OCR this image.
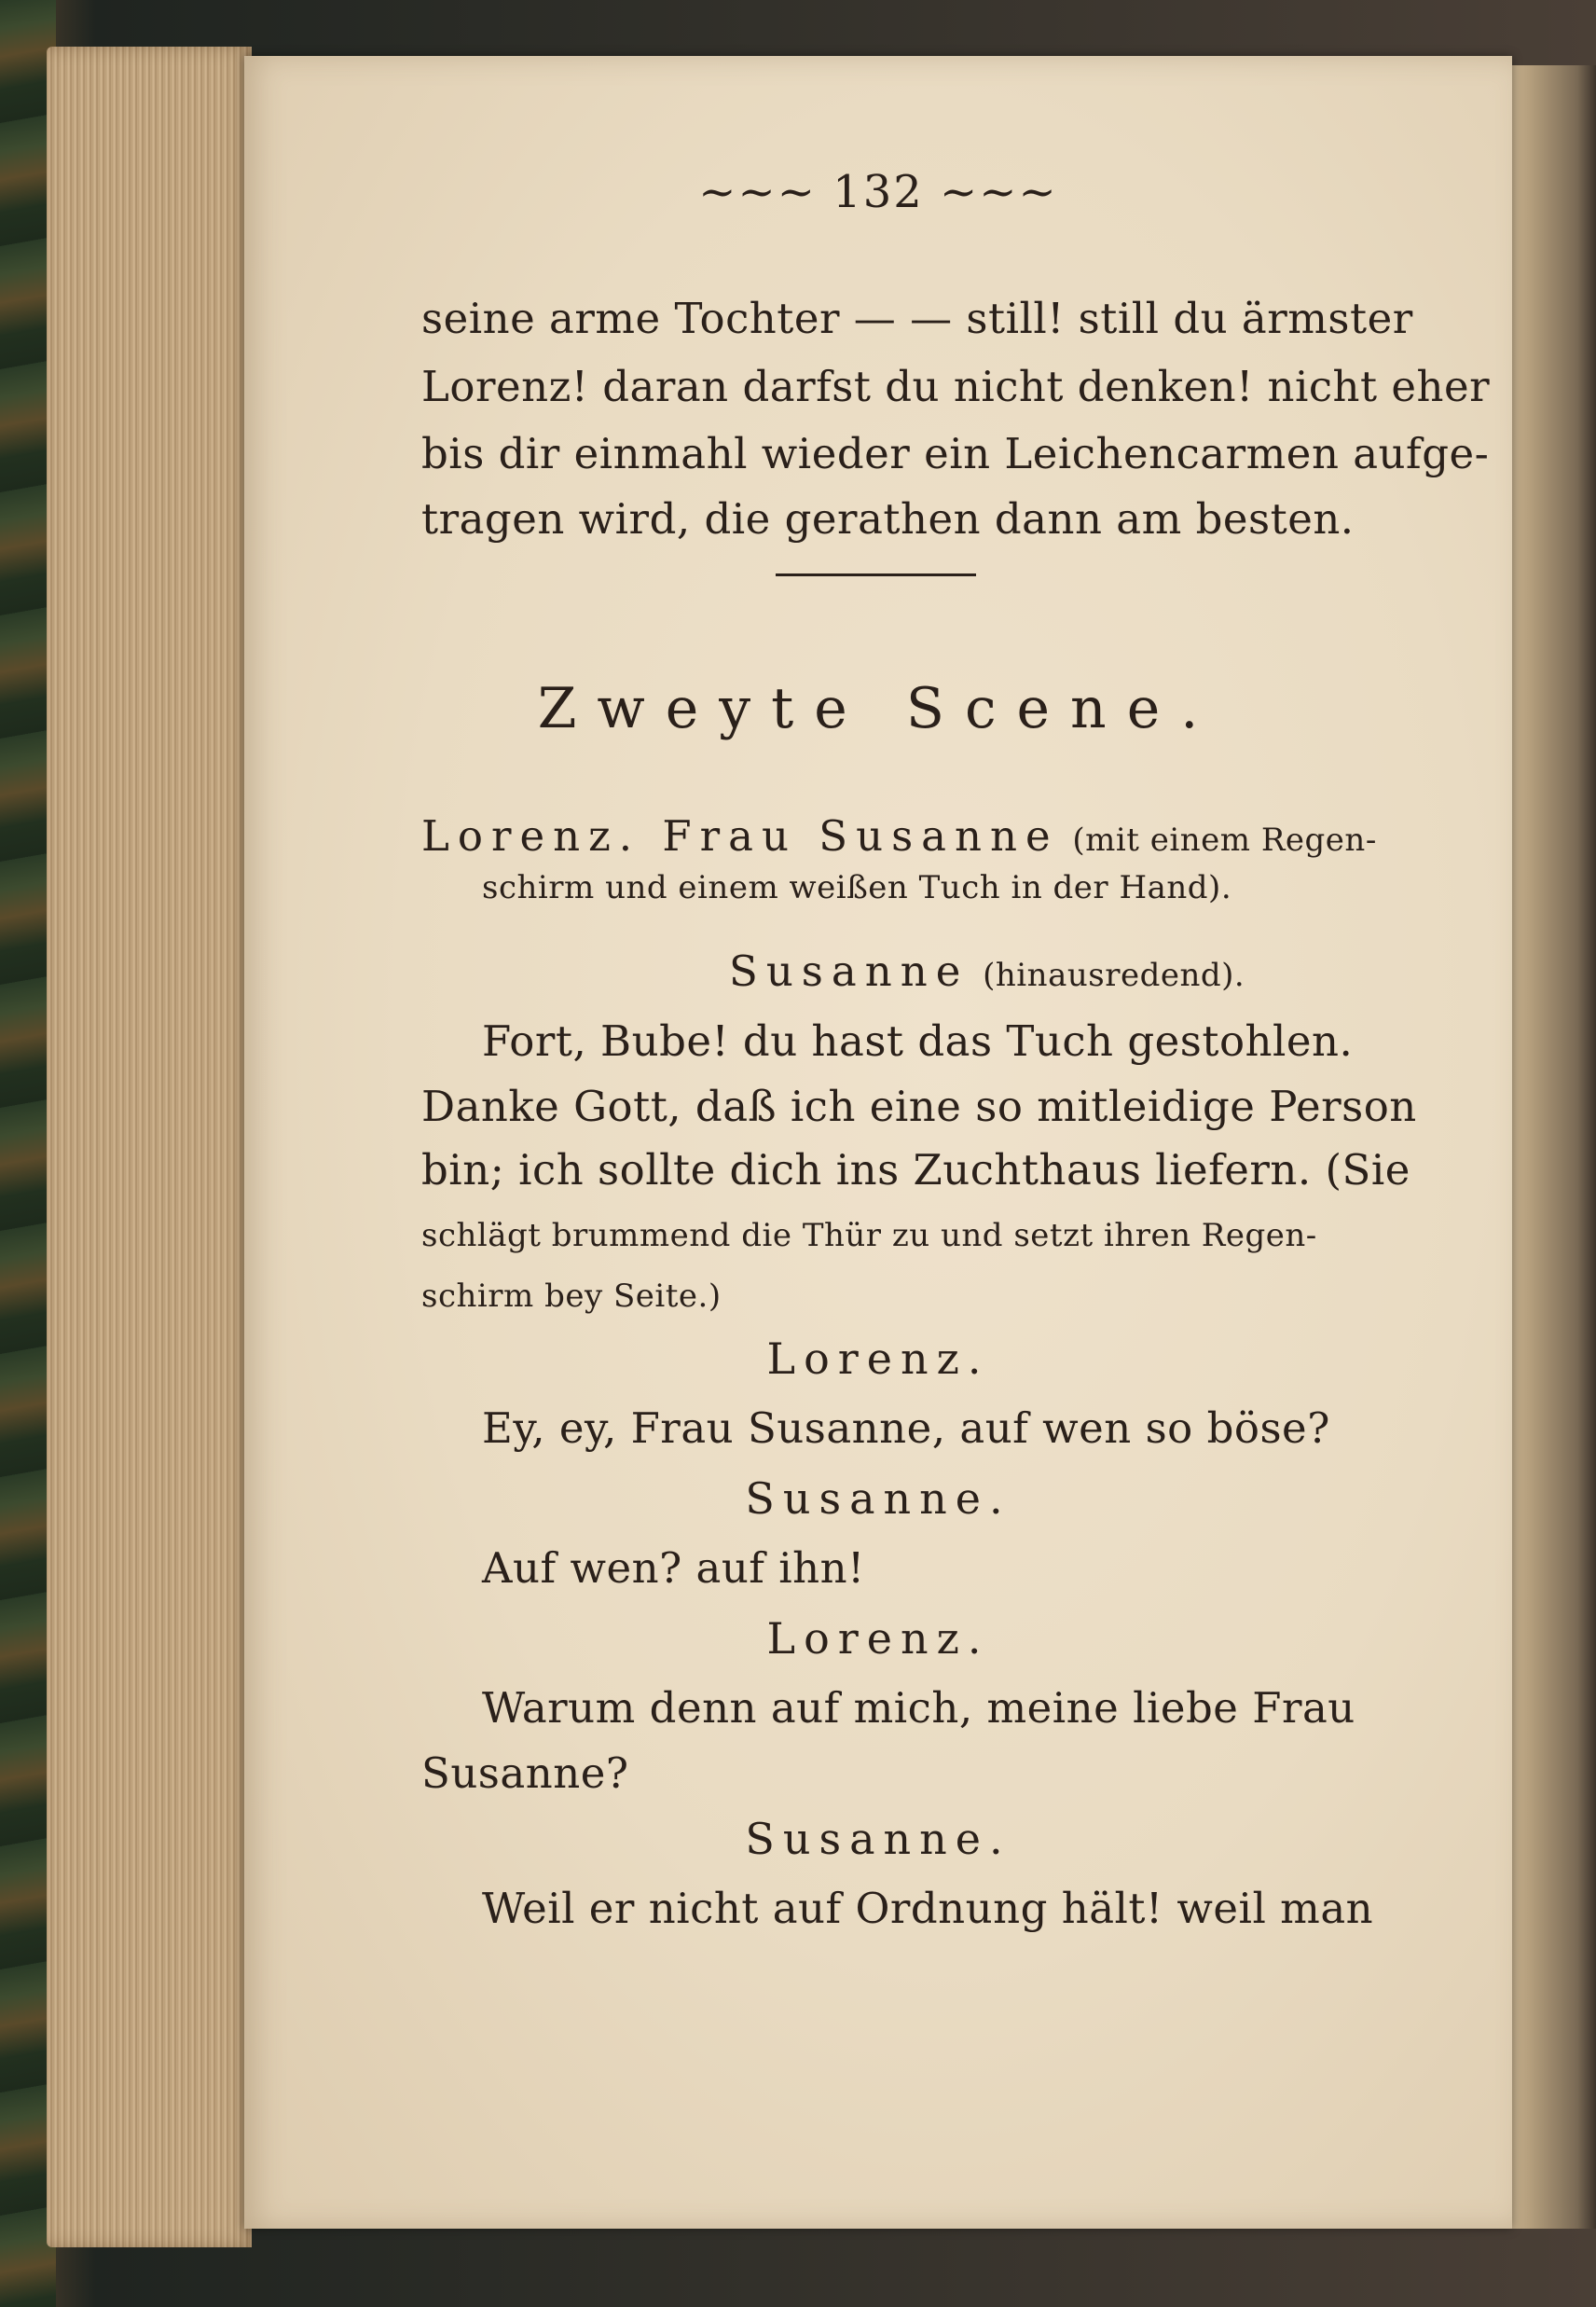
~~~ 132 ~~~
seine arme Tochter — — still! still du ärmster
Lorenz! daran darfst du nicht denken! nicht eher
bis dir einmahl wieder ein Leichencarmen aufge-
tragen wird, die gerathen dann am besten.
Zweyte Scene.
Lorenz. Frau Susanne (mit einem Regen-
schirm und einem weißen Tuch in der Hand).
Susanne (hinausredend).
Fort, Bube! du hast das Tuch gestohlen.
Danke Gott, daß ich eine so mitleidige Person
bin; ich sollte dich ins Zuchthaus liefern. (Sie
schlägt brummend die Thür zu und setzt ihren Regen-
schirm bey Seite.)
Lorenz.
Ey, ey, Frau Susanne, auf wen so böse?
Susanne.
Auf wen? auf ihn!
Lorenz.
Warum denn auf mich, meine liebe Frau
Susanne?
Susanne.
Weil er nicht auf Ordnung hält! weil man
